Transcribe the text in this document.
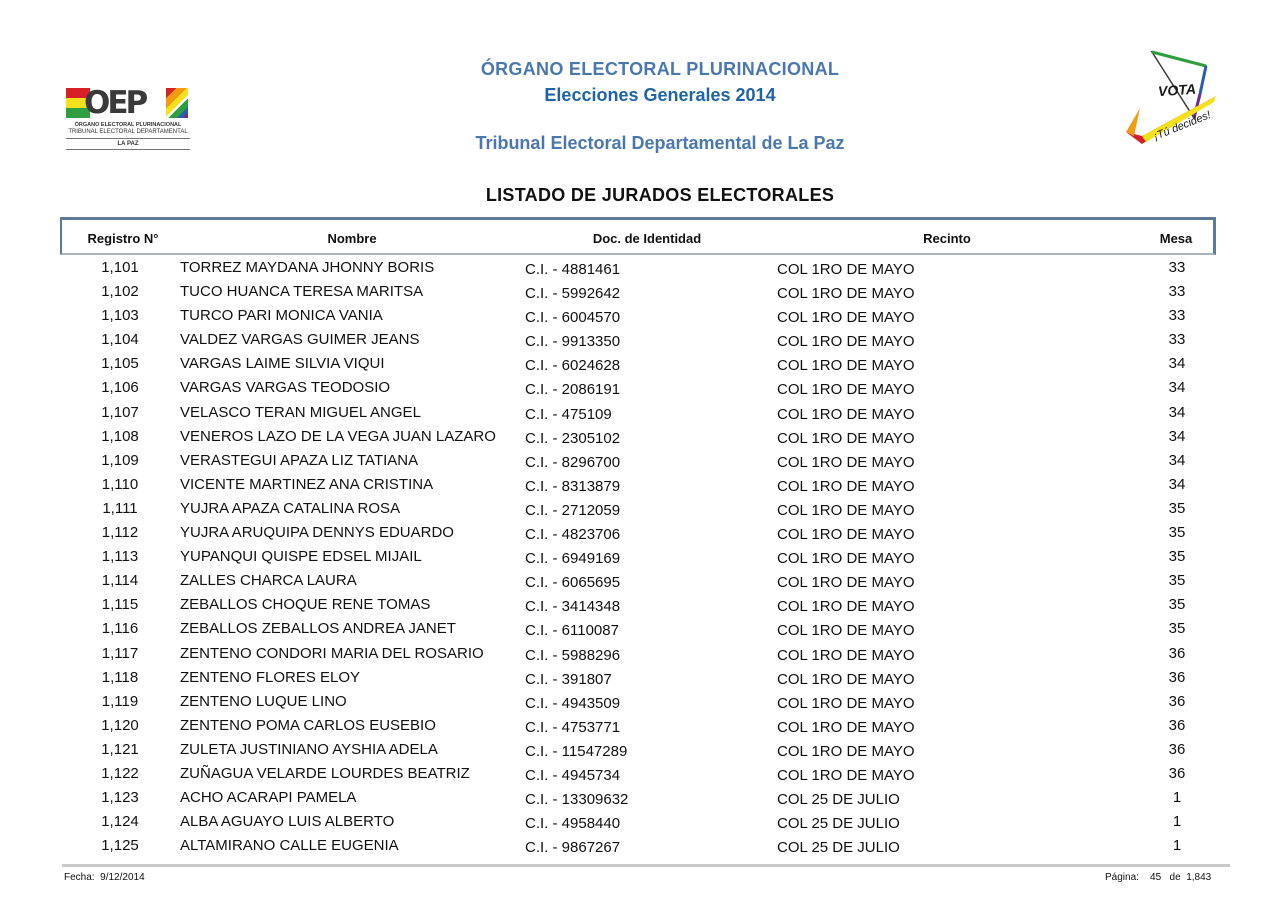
OEP
ÓRGANO ELECTORAL PLURINACIONAL
TRIBUNAL ELECTORAL DEPARTAMENTAL
LA PAZ
ÓRGANO ELECTORAL PLURINACIONAL
Elecciones Generales 2014
Tribunal Electoral Departamental de La Paz
LISTADO DE JURADOS ELECTORALES
VOTA
¡Tú decides!
Registro N°	Nombre	Doc. de Identidad	Recinto	Mesa
1,101	TORREZ MAYDANA JHONNY BORIS	C.I. - 4881461	COL 1RO DE MAYO	33
1,102	TUCO HUANCA TERESA MARITSA	C.I. - 5992642	COL 1RO DE MAYO	33
1,103	TURCO PARI MONICA VANIA	C.I. - 6004570	COL 1RO DE MAYO	33
1,104	VALDEZ VARGAS GUIMER JEANS	C.I. - 9913350	COL 1RO DE MAYO	33
1,105	VARGAS LAIME SILVIA VIQUI	C.I. - 6024628	COL 1RO DE MAYO	34
1,106	VARGAS VARGAS TEODOSIO	C.I. - 2086191	COL 1RO DE MAYO	34
1,107	VELASCO TERAN MIGUEL ANGEL	C.I. - 475109	COL 1RO DE MAYO	34
1,108	VENEROS LAZO DE LA VEGA JUAN LAZARO C.I. - 2305102	COL 1RO DE MAYO	34
1,109	VERASTEGUI APAZA LIZ TATIANA	C.I. - 8296700	COL 1RO DE MAYO	34
1,110	VICENTE MARTINEZ ANA CRISTINA	C.I. - 8313879	COL 1RO DE MAYO	34
1,111	YUJRA APAZA CATALINA ROSA	C.I. - 2712059	COL 1RO DE MAYO	35
1,112	YUJRA ARUQUIPA DENNYS EDUARDO	C.I. - 4823706	COL 1RO DE MAYO	35
1,113	YUPANQUI QUISPE EDSEL MIJAIL	C.I. - 6949169	COL 1RO DE MAYO	35
1,114	ZALLES CHARCA LAURA	C.I. - 6065695	COL 1RO DE MAYO	35
1,115	ZEBALLOS CHOQUE RENE TOMAS	C.I. - 3414348	COL 1RO DE MAYO	35
1,116	ZEBALLOS ZEBALLOS ANDREA JANET	C.I. - 6110087	COL 1RO DE MAYO	35
1,117	ZENTENO CONDORI MARIA DEL ROSARIO	C.I. - 5988296	COL 1RO DE MAYO	36
1,118	ZENTENO FLORES ELOY	C.I. - 391807	COL 1RO DE MAYO	36
1,119	ZENTENO LUQUE LINO	C.I. - 4943509	COL 1RO DE MAYO	36
1,120	ZENTENO POMA CARLOS EUSEBIO	C.I. - 4753771	COL 1RO DE MAYO	36
1,121	ZULETA JUSTINIANO AYSHIA ADELA	C.I. - 11547289	COL 1RO DE MAYO	36
1,122	ZUÑAGUA VELARDE LOURDES BEATRIZ	C.I. - 4945734	COL 1RO DE MAYO	36
1,123	ACHO ACARAPI PAMELA	C.I. - 13309632	COL 25 DE JULIO	1
1,124	ALBA AGUAYO LUIS ALBERTO	C.I. - 4958440	COL 25 DE JULIO	1
1,125	ALTAMIRANO CALLE EUGENIA	C.I. - 9867267	COL 25 DE JULIO	1
Fecha: 9/12/2014	Página: 45 de 1,843
